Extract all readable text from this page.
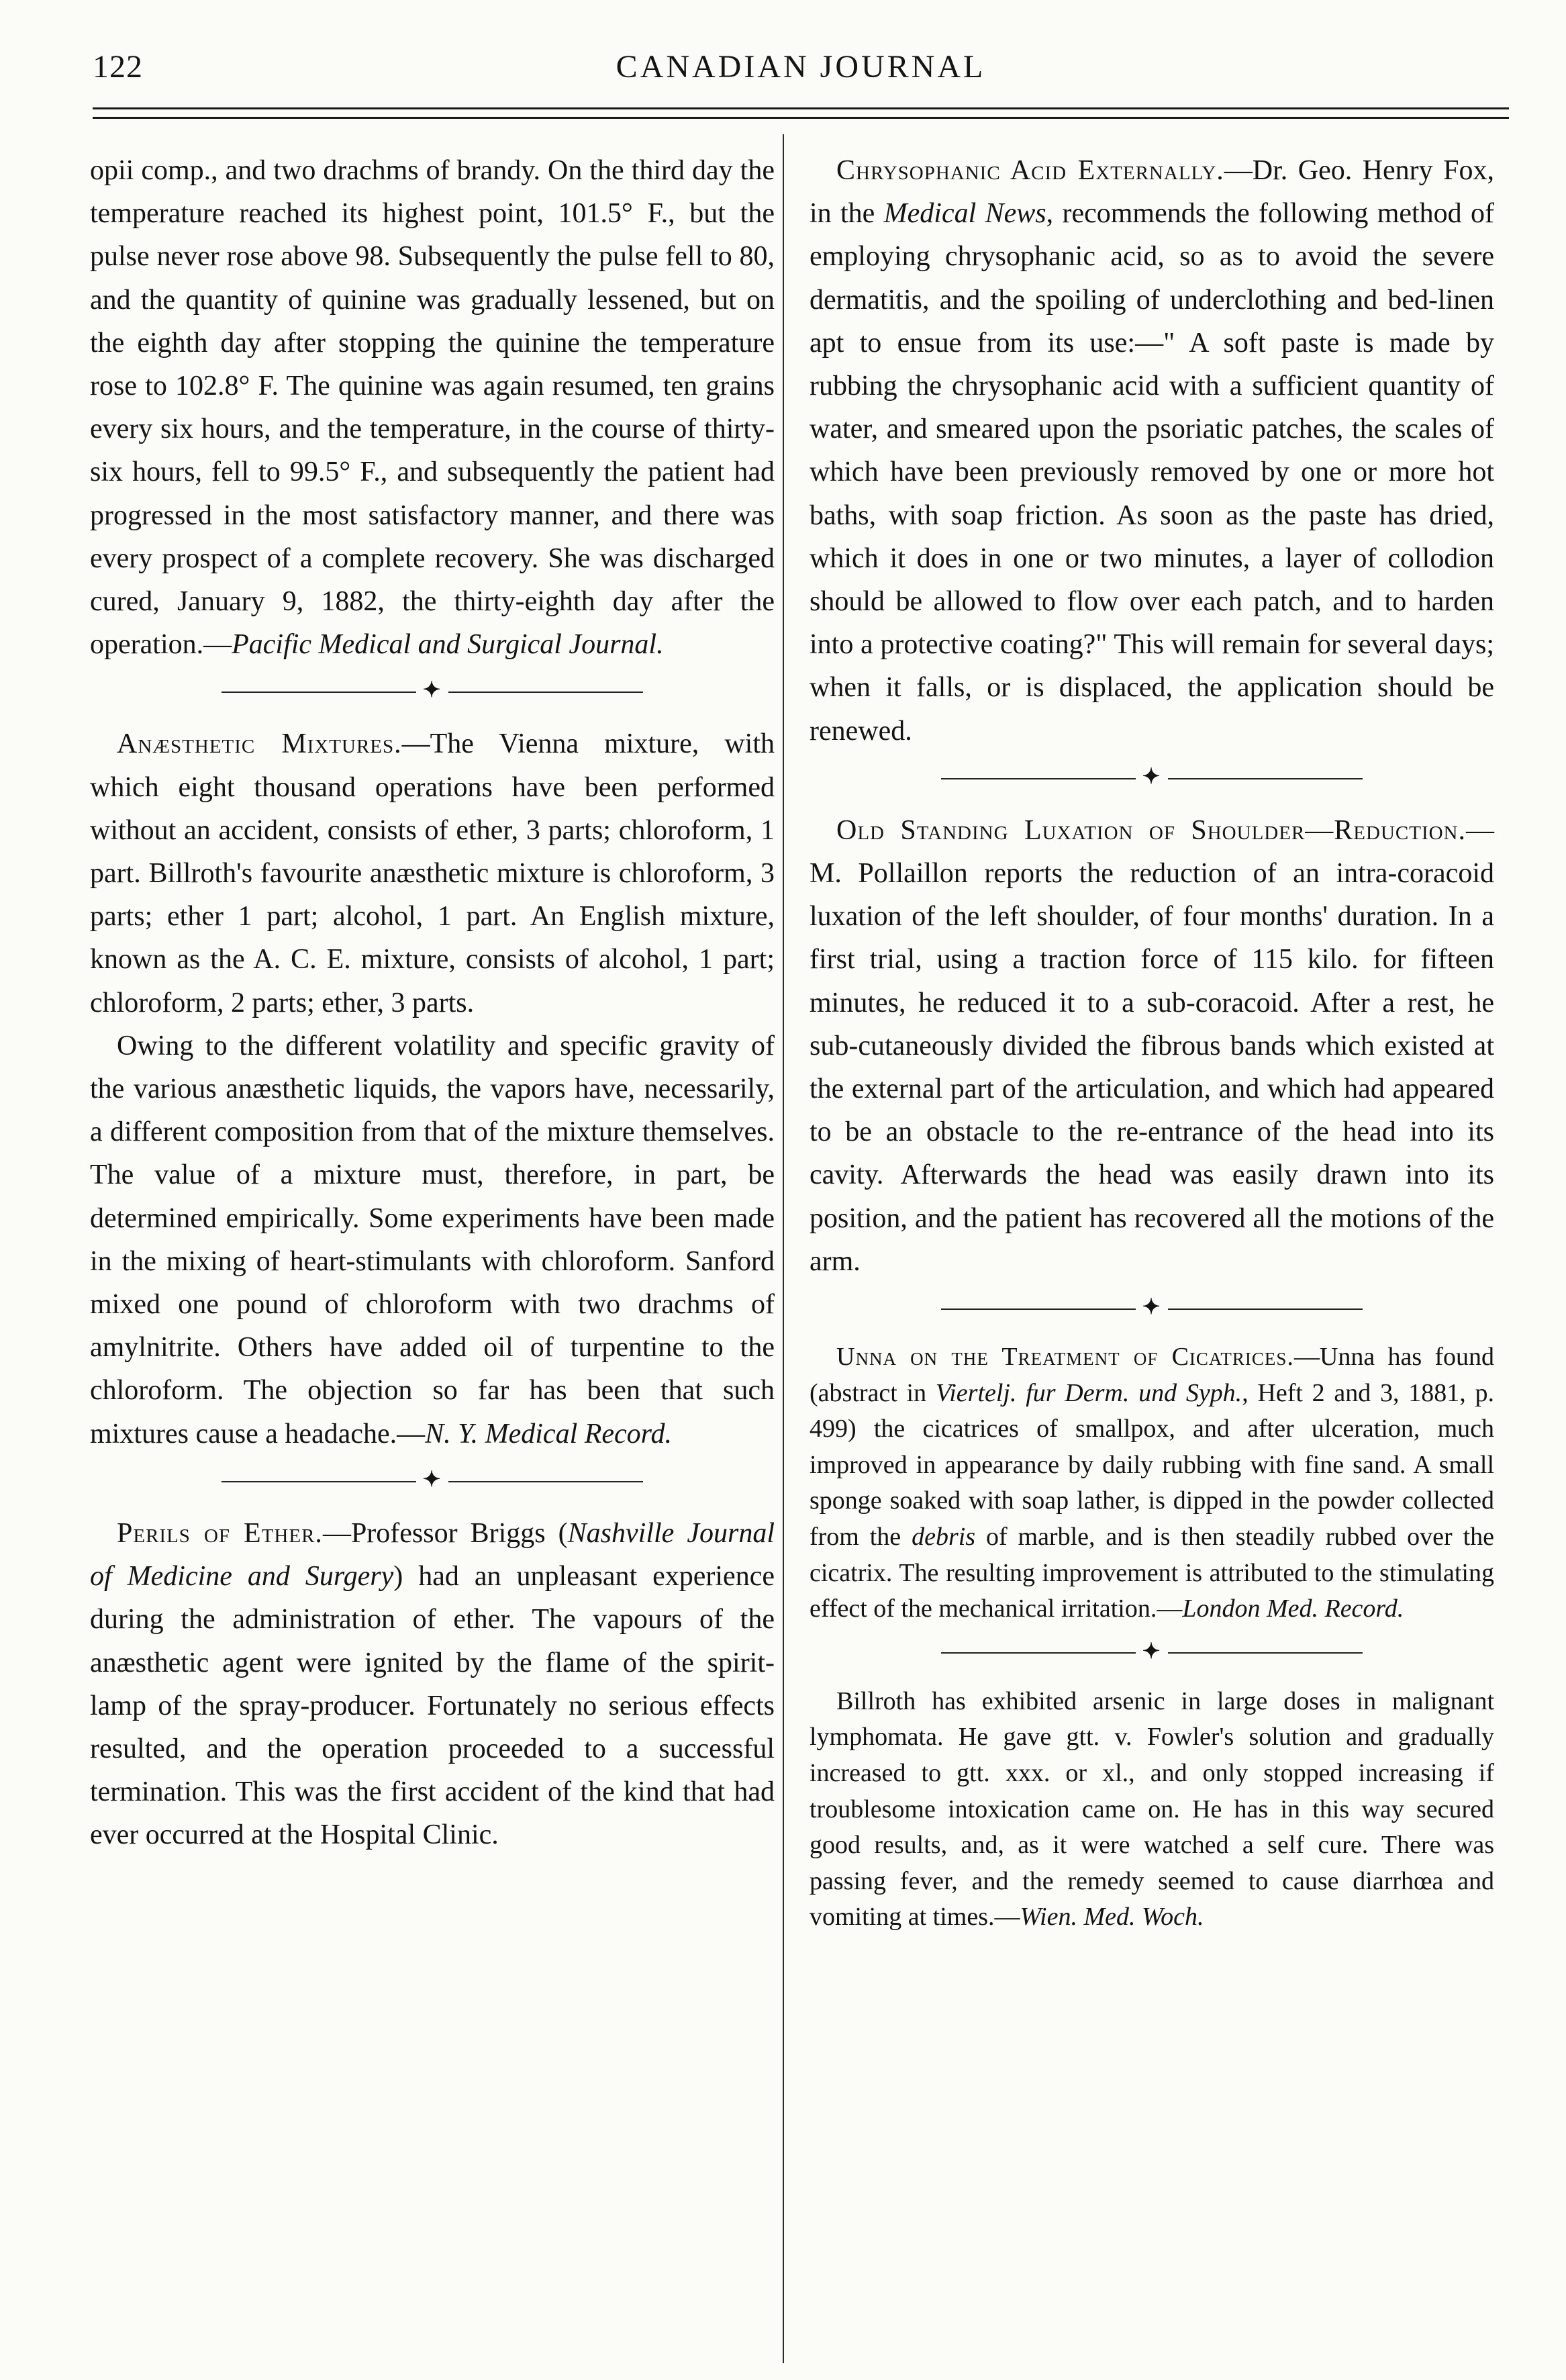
122	CANADIAN JOURNAL

opii comp., and two drachms of brandy. On the third day the temperature reached its highest point, 101.5° F., but the pulse never rose above 98. Subsequently the pulse fell to 80, and the quantity of quinine was gradually lessened, but on the eighth day after stopping the quinine the temperature rose to 102.8° F. The quinine was again resumed, ten grains every six hours, and the temperature, in the course of thirty-six hours, fell to 99.5° F., and subsequently the patient had progressed in the most satisfactory manner, and there was every prospect of a complete recovery. She was discharged cured, January 9, 1882, the thirty-eighth day after the operation.—Pacific Medical and Surgical Journal.

✦

Anæsthetic Mixtures.—The Vienna mixture, with which eight thousand operations have been performed without an accident, consists of ether, 3 parts; chloroform, 1 part. Billroth's favourite anæsthetic mixture is chloroform, 3 parts; ether 1 part; alcohol, 1 part. An English mixture, known as the A. C. E. mixture, consists of alcohol, 1 part; chloroform, 2 parts; ether, 3 parts.

Owing to the different volatility and specific gravity of the various anæsthetic liquids, the vapors have, necessarily, a different composition from that of the mixture themselves. The value of a mixture must, therefore, in part, be determined empirically. Some experiments have been made in the mixing of heart-stimulants with chloroform. Sanford mixed one pound of chloroform with two drachms of amylnitrite. Others have added oil of turpentine to the chloroform. The objection so far has been that such mixtures cause a headache.—N. Y. Medical Record.

✦

Perils of Ether.—Professor Briggs (Nashville Journal of Medicine and Surgery) had an unpleasant experience during the administration of ether. The vapours of the anæsthetic agent were ignited by the flame of the spirit-lamp of the spray-producer. Fortunately no serious effects resulted, and the operation proceeded to a successful termination. This was the first accident of the kind that had ever occurred at the Hospital Clinic.

Chrysophanic Acid Externally.—Dr. Geo. Henry Fox, in the Medical News, recommends the following method of employing chrysophanic acid, so as to avoid the severe dermatitis, and the spoiling of underclothing and bed-linen apt to ensue from its use:—" A soft paste is made by rubbing the chrysophanic acid with a sufficient quantity of water, and smeared upon the psoriatic patches, the scales of which have been previously removed by one or more hot baths, with soap friction. As soon as the paste has dried, which it does in one or two minutes, a layer of collodion should be allowed to flow over each patch, and to harden into a protective coating?" This will remain for several days; when it falls, or is displaced, the application should be renewed.

✦

Old Standing Luxation of Shoulder—Reduction.—M. Pollaillon reports the reduction of an intra-coracoid luxation of the left shoulder, of four months' duration. In a first trial, using a traction force of 115 kilo. for fifteen minutes, he reduced it to a sub-coracoid. After a rest, he sub-cutaneously divided the fibrous bands which existed at the external part of the articulation, and which had appeared to be an obstacle to the re-entrance of the head into its cavity. Afterwards the head was easily drawn into its position, and the patient has recovered all the motions of the arm.

✦

Unna on the Treatment of Cicatrices.—Unna has found (abstract in Viertelj. fur Derm. und Syph., Heft 2 and 3, 1881, p. 499) the cicatrices of smallpox, and after ulceration, much improved in appearance by daily rubbing with fine sand. A small sponge soaked with soap lather, is dipped in the powder collected from the debris of marble, and is then steadily rubbed over the cicatrix. The resulting improvement is attributed to the stimulating effect of the mechanical irritation.—London Med. Record.

✦

Billroth has exhibited arsenic in large doses in malignant lymphomata. He gave gtt. v. Fowler's solution and gradually increased to gtt. xxx. or xl., and only stopped increasing if troublesome intoxication came on. He has in this way secured good results, and, as it were watched a self cure. There was passing fever, and the remedy seemed to cause diarrhœa and vomiting at times.—Wien. Med. Woch.
